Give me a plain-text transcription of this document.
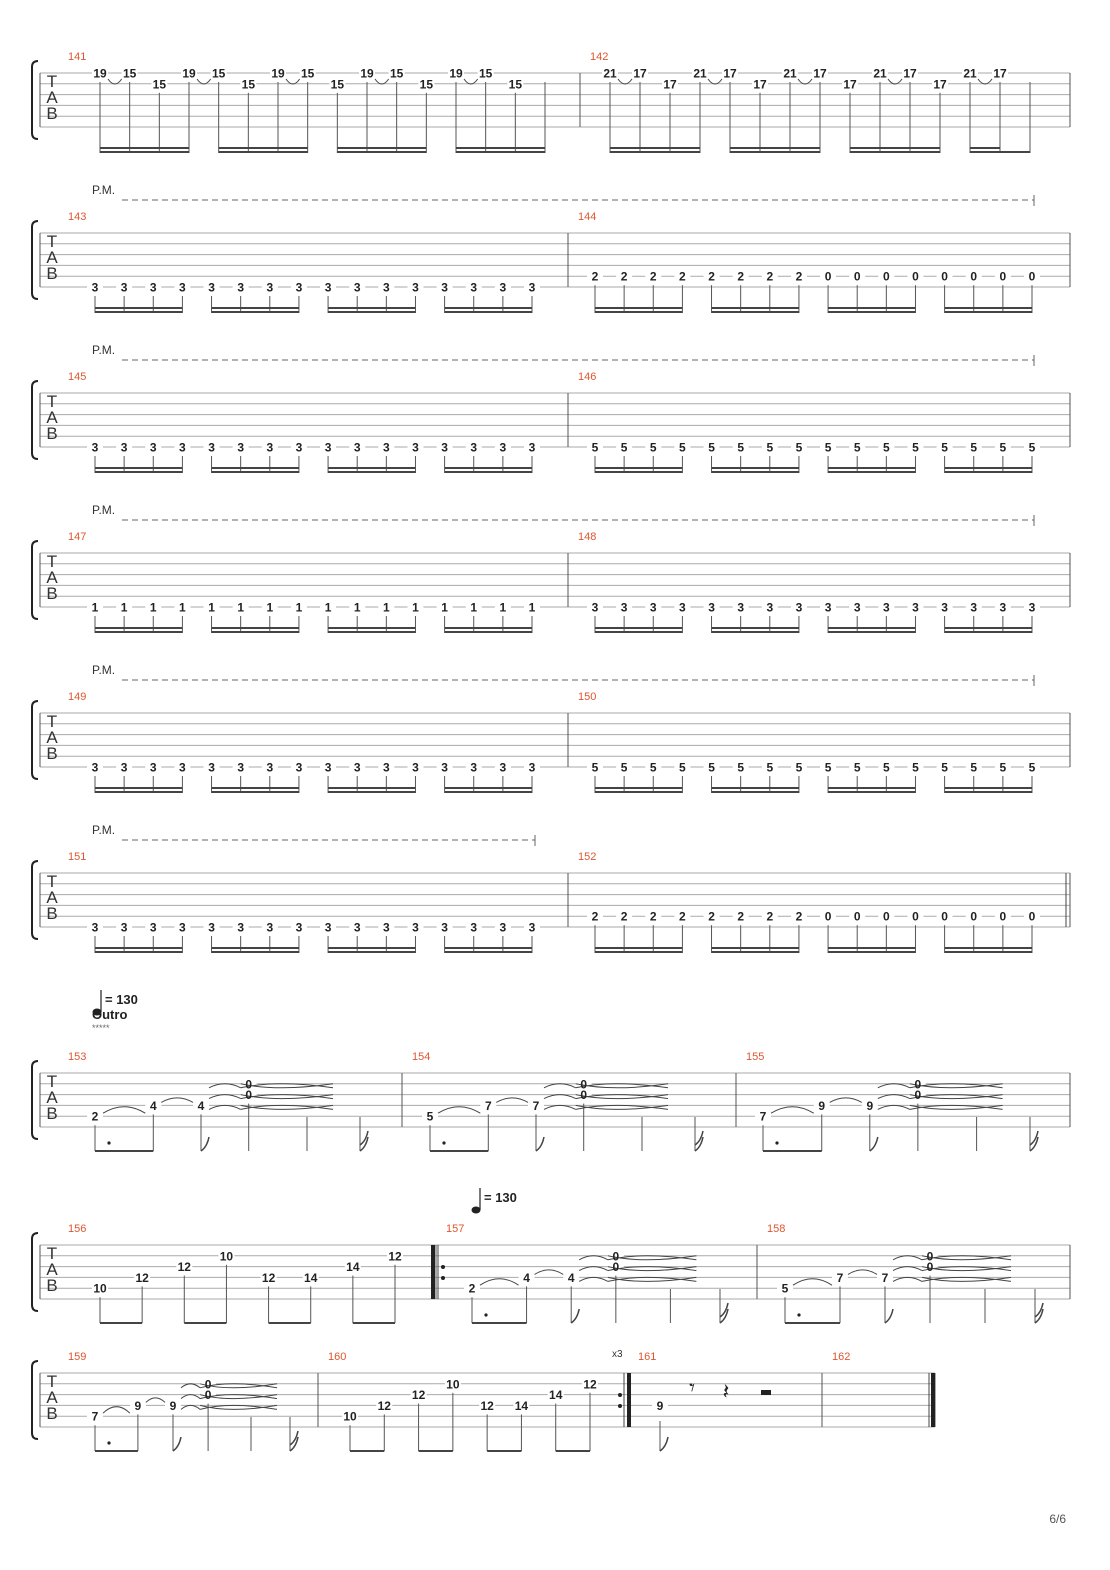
T
A
B
141
19 15
15
19 15
15
19 15
15
19 15
15
19 15
15
142
21 17
17
21 17
17
21 17
17
21 17
17
21 17
T
A
B
P.M.
143
3 3 3 3 3 3 3 3 3 3 3 3 3 3 3 3
144
2 2 2 2 2 2 2 2 0 0 0 0 0 0 0 0
T
A
B
P.M.
145
3 3 3 3 3 3 3 3 3 3 3 3 3 3 3 3
146
5 5 5 5 5 5 5 5 5 5 5 5 5 5 5 5
T
A
B
P.M.
147
1 1 1 1 1 1 1 1 1 1 1 1 1 1 1 1
148
3 3 3 3 3 3 3 3 3 3 3 3 3 3 3 3
T
A
B
P.M.
149
3 3 3 3 3 3 3 3 3 3 3 3 3 3 3 3
150
5 5 5 5 5 5 5 5 5 5 5 5 5 5 5 5
T
A
B
P.M.
151
3 3 3 3 3 3 3 3 3 3 3 3 3 3 3 3
152
2 2 2 2 2 2 2 2 0 0 0 0 0 0 0 0
T
A
B
= 130
Outro
*****
153
2
4	4
0
0
154
5
7	7
0
0
155
7
9	9
0
0
T
A
B
= 130
156
10
12
12
10
12 14
14
12
157
2
4	4
0
0
158
5
7	7
0
0
T
A
B
159
7
9 9
0
0
160
10
12
12
10
12 14
14
12
161
9
𝄾 𝄽
162
x3
6/6
